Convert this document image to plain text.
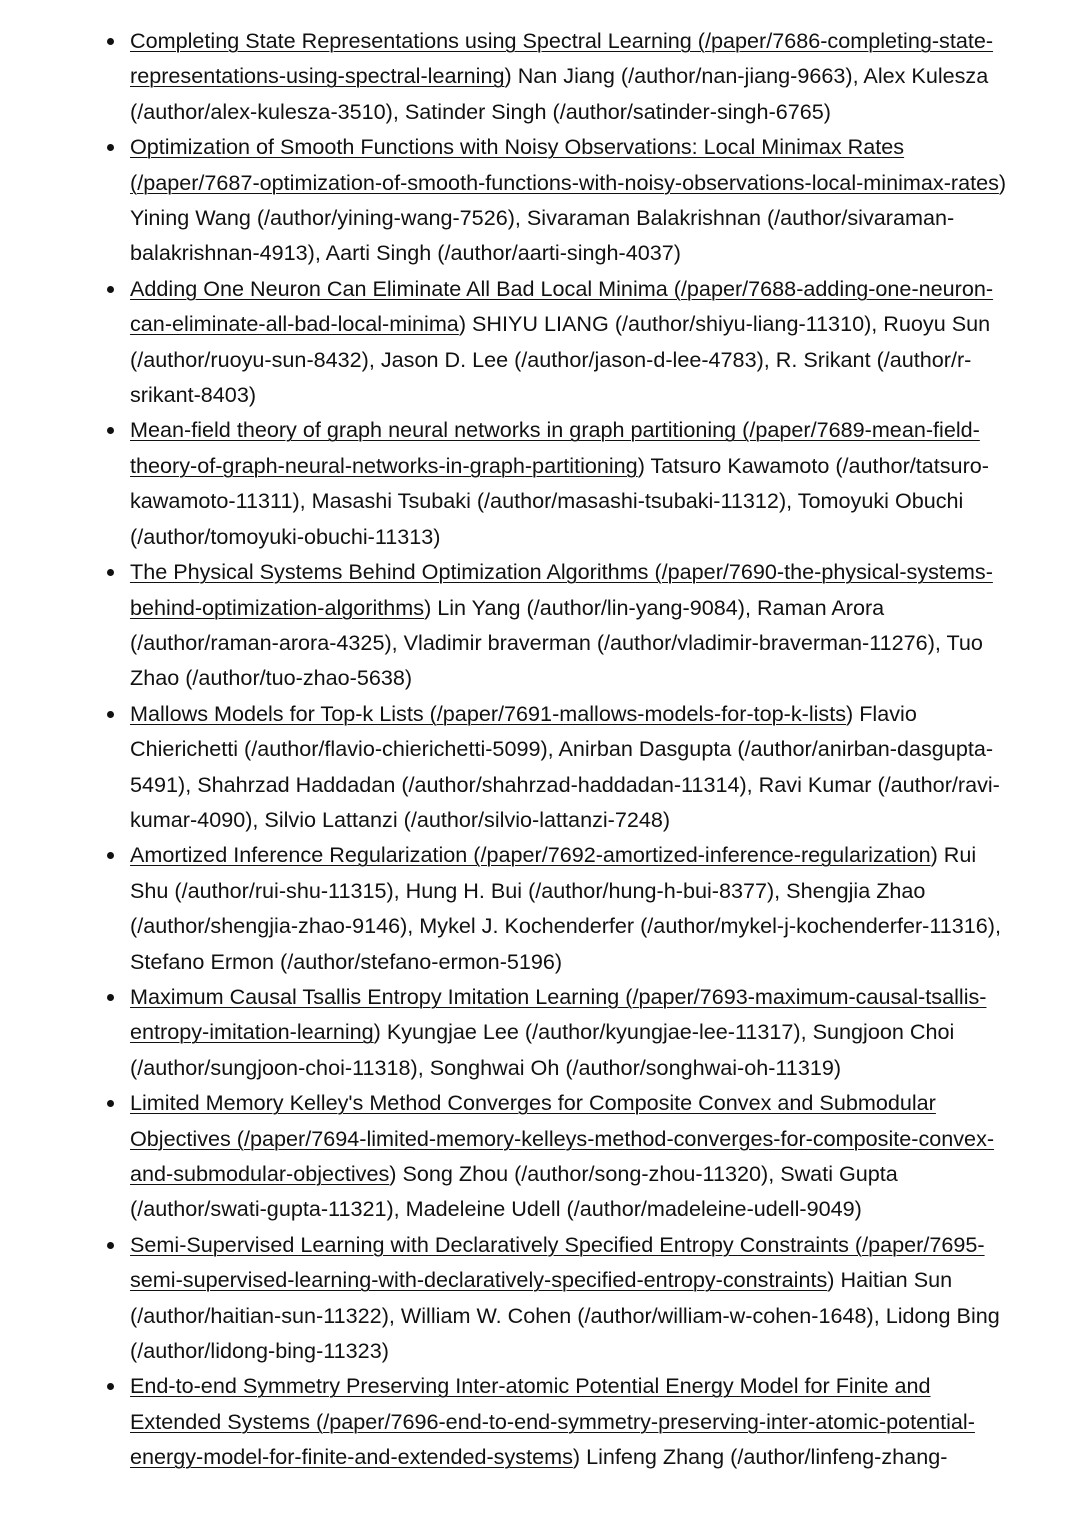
Completing State Representations using Spectral Learning (/paper/7686-completing-state-representations-using-spectral-learning) Nan Jiang (/author/nan-jiang-9663), Alex Kulesza (/author/alex-kulesza-3510), Satinder Singh (/author/satinder-singh-6765)
Optimization of Smooth Functions with Noisy Observations: Local Minimax Rates (/paper/7687-optimization-of-smooth-functions-with-noisy-observations-local-minimax-rates) Yining Wang (/author/yining-wang-7526), Sivaraman Balakrishnan (/author/sivaraman-balakrishnan-4913), Aarti Singh (/author/aarti-singh-4037)
Adding One Neuron Can Eliminate All Bad Local Minima (/paper/7688-adding-one-neuron-can-eliminate-all-bad-local-minima) SHIYU LIANG (/author/shiyu-liang-11310), Ruoyu Sun (/author/ruoyu-sun-8432), Jason D. Lee (/author/jason-d-lee-4783), R. Srikant (/author/r-srikant-8403)
Mean-field theory of graph neural networks in graph partitioning (/paper/7689-mean-field-theory-of-graph-neural-networks-in-graph-partitioning) Tatsuro Kawamoto (/author/tatsuro-kawamoto-11311), Masashi Tsubaki (/author/masashi-tsubaki-11312), Tomoyuki Obuchi (/author/tomoyuki-obuchi-11313)
The Physical Systems Behind Optimization Algorithms (/paper/7690-the-physical-systems-behind-optimization-algorithms) Lin Yang (/author/lin-yang-9084), Raman Arora (/author/raman-arora-4325), Vladimir braverman (/author/vladimir-braverman-11276), Tuo Zhao (/author/tuo-zhao-5638)
Mallows Models for Top-k Lists (/paper/7691-mallows-models-for-top-k-lists) Flavio Chierichetti (/author/flavio-chierichetti-5099), Anirban Dasgupta (/author/anirban-dasgupta-5491), Shahrzad Haddadan (/author/shahrzad-haddadan-11314), Ravi Kumar (/author/ravi-kumar-4090), Silvio Lattanzi (/author/silvio-lattanzi-7248)
Amortized Inference Regularization (/paper/7692-amortized-inference-regularization) Rui Shu (/author/rui-shu-11315), Hung H. Bui (/author/hung-h-bui-8377), Shengjia Zhao (/author/shengjia-zhao-9146), Mykel J. Kochenderfer (/author/mykel-j-kochenderfer-11316), Stefano Ermon (/author/stefano-ermon-5196)
Maximum Causal Tsallis Entropy Imitation Learning (/paper/7693-maximum-causal-tsallis-entropy-imitation-learning) Kyungjae Lee (/author/kyungjae-lee-11317), Sungjoon Choi (/author/sungjoon-choi-11318), Songhwai Oh (/author/songhwai-oh-11319)
Limited Memory Kelley's Method Converges for Composite Convex and Submodular Objectives (/paper/7694-limited-memory-kelleys-method-converges-for-composite-convex-and-submodular-objectives) Song Zhou (/author/song-zhou-11320), Swati Gupta (/author/swati-gupta-11321), Madeleine Udell (/author/madeleine-udell-9049)
Semi-Supervised Learning with Declaratively Specified Entropy Constraints (/paper/7695-semi-supervised-learning-with-declaratively-specified-entropy-constraints) Haitian Sun (/author/haitian-sun-11322), William W. Cohen (/author/william-w-cohen-1648), Lidong Bing (/author/lidong-bing-11323)
End-to-end Symmetry Preserving Inter-atomic Potential Energy Model for Finite and Extended Systems (/paper/7696-end-to-end-symmetry-preserving-inter-atomic-potential-energy-model-for-finite-and-extended-systems) Linfeng Zhang (/author/linfeng-zhang-
